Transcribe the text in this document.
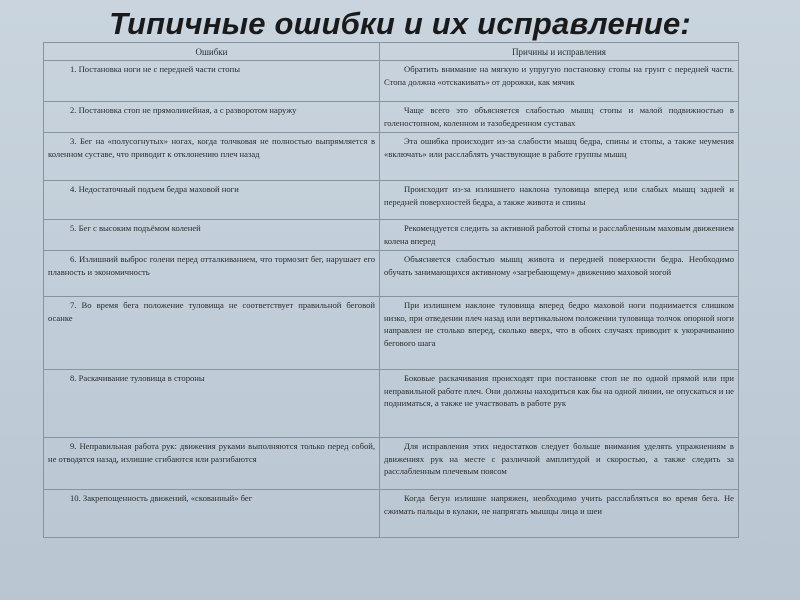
Типичные ошибки и их исправление:
Ошибки	Причины и исправления
1. Постановка ноги не с передней части стопы	Обратить внимание на мягкую и упругую постановку стопы на грунт с передней части. Стопа должна «отскакивать» от дорожки, как мячик
2. Постановка стоп не прямолинейная, а с разворотом наружу	Чаще всего это объясняется слабостью мышц стопы и малой подвижностью в голеностопном, коленном и тазобедренном суставах
3. Бег на «полусогнутых» ногах, когда толчковая не полностью выпрямляется в коленном суставе, что приводит к отклонению плеч назад	Эта ошибка происходит из-за слабости мышц бедра, спины и стопы, а также неумения «включать» или расслаблять участвующие в работе группы мышц
4. Недостаточный подъем бедра маховой ноги	Происходит из-за излишнего наклона туловища вперед или слабых мышц задней и передней поверхностей бедра, а также живота и спины
5. Бег с высоким подъёмом коленей	Рекомендуется следить за активной работой стопы и расслабленным маховым движением колена вперед
6. Излишний выброс голени перед отталкиванием, что тормозит бег, нарушает его плавность и экономичность	Объясняется слабостью мышц живота и передней поверхности бедра. Необходимо обучать занимающихся активному «загребающему» движению маховой ногой
7. Во время бега положение туловища не соответствует правильной беговой осанке	При излишнем наклоне туловища вперед бедро маховой ноги поднимается слишком низко, при отведении плеч назад или вертикальном положении туловища толчок опорной ноги направлен не столько вперед, сколько вверх, что в обоих случаях приводит к укорачиванию бегового шага
8. Раскачивание туловища в стороны	Боковые раскачивания происходят при постановке стоп не по одной прямой или при неправильной работе плеч. Они должны находиться как бы на одной линии, не опускаться и не подниматься, а также не участвовать в работе рук
9. Неправильная работа рук: движения руками выполняются только перед собой, не отводятся назад, излишне сгибаются или разгибаются	Для исправления этих недостатков следует больше внимания уделять упражнениям в движениях рук на месте с различной амплитудой и скоростью, а также следить за расслабленным плечевым поясом
10. Закрепощенность движений, «скованный» бег	Когда бегун излишне напряжен, необходимо учить расслабляться во время бега. Не сжимать пальцы в кулаки, не напрягать мышцы лица и шеи
